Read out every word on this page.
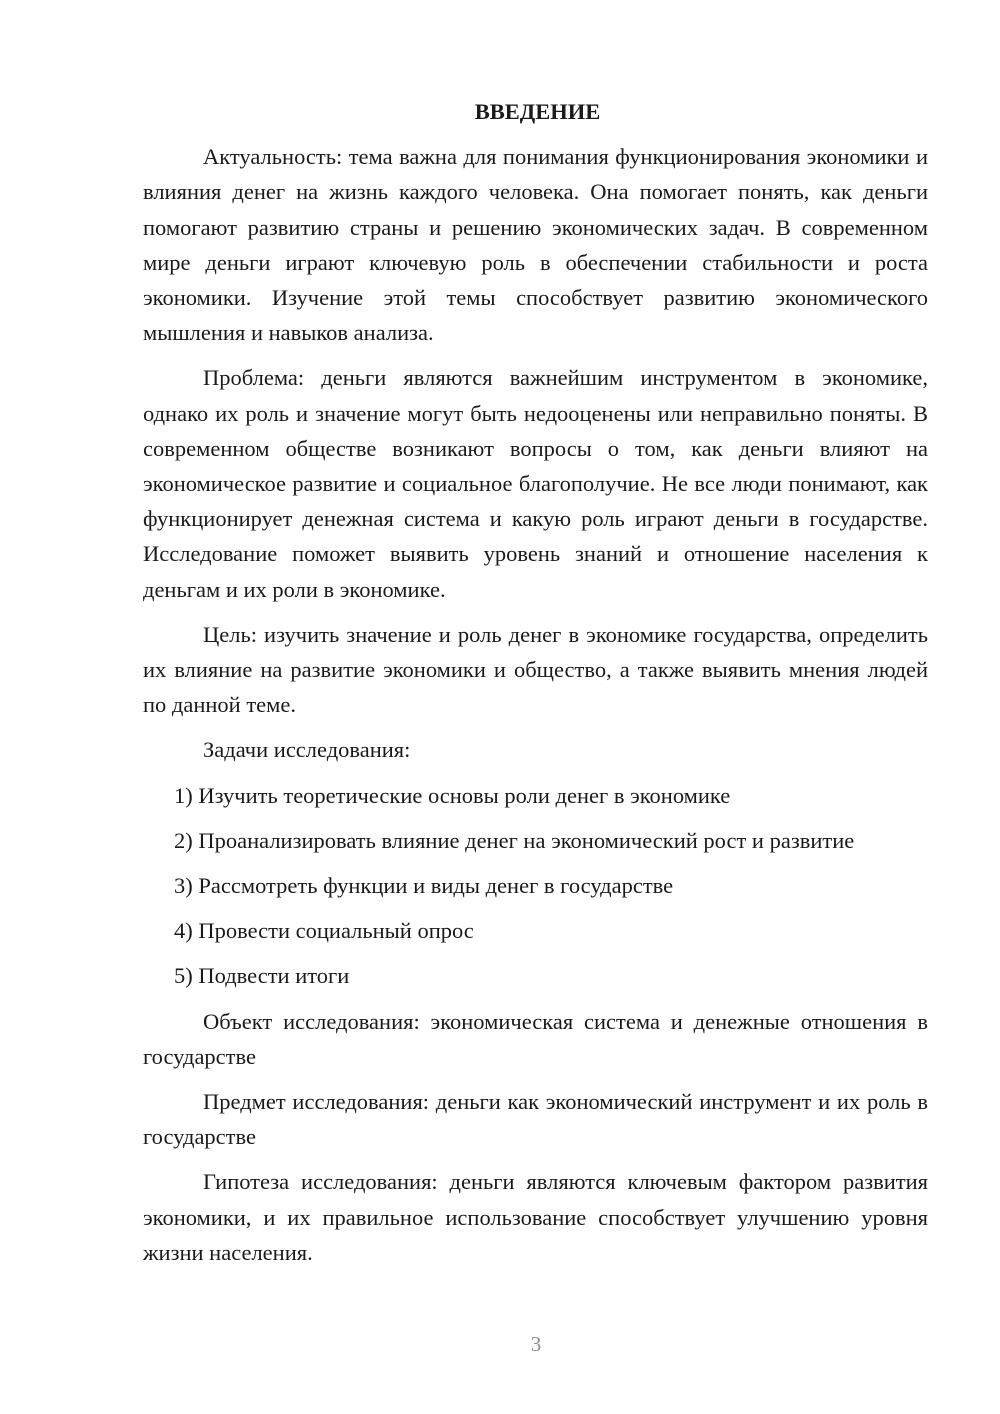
ВВЕДЕНИЕ

Актуальность: тема важна для понимания функционирования экономики и влияния денег на жизнь каждого человека. Она помогает понять, как деньги помогают развитию страны и решению экономических задач. В современном мире деньги играют ключевую роль в обеспечении стабильности и роста экономики. Изучение этой темы способствует развитию экономического мышления и навыков анализа.

Проблема: деньги являются важнейшим инструментом в экономике, однако их роль и значение могут быть недооценены или неправильно поняты. В современном обществе возникают вопросы о том, как деньги влияют на экономическое развитие и социальное благополучие. Не все люди понимают, как функционирует денежная система и какую роль играют деньги в государстве. Исследование поможет выявить уровень знаний и отношение населения к деньгам и их роли в экономике.

Цель: изучить значение и роль денег в экономике государства, определить их влияние на развитие экономики и общество, а также выявить мнения людей по данной теме.

Задачи исследования:

1) Изучить теоретические основы роли денег в экономике
2) Проанализировать влияние денег на экономический рост и развитие
3) Рассмотреть функции и виды денег в государстве
4) Провести социальный опрос
5) Подвести итоги

Объект исследования: экономическая система и денежные отношения в государстве

Предмет исследования: деньги как экономический инструмент и их роль в государстве

Гипотеза исследования: деньги являются ключевым фактором развития экономики, и их правильное использование способствует улучшению уровня жизни населения.

3
